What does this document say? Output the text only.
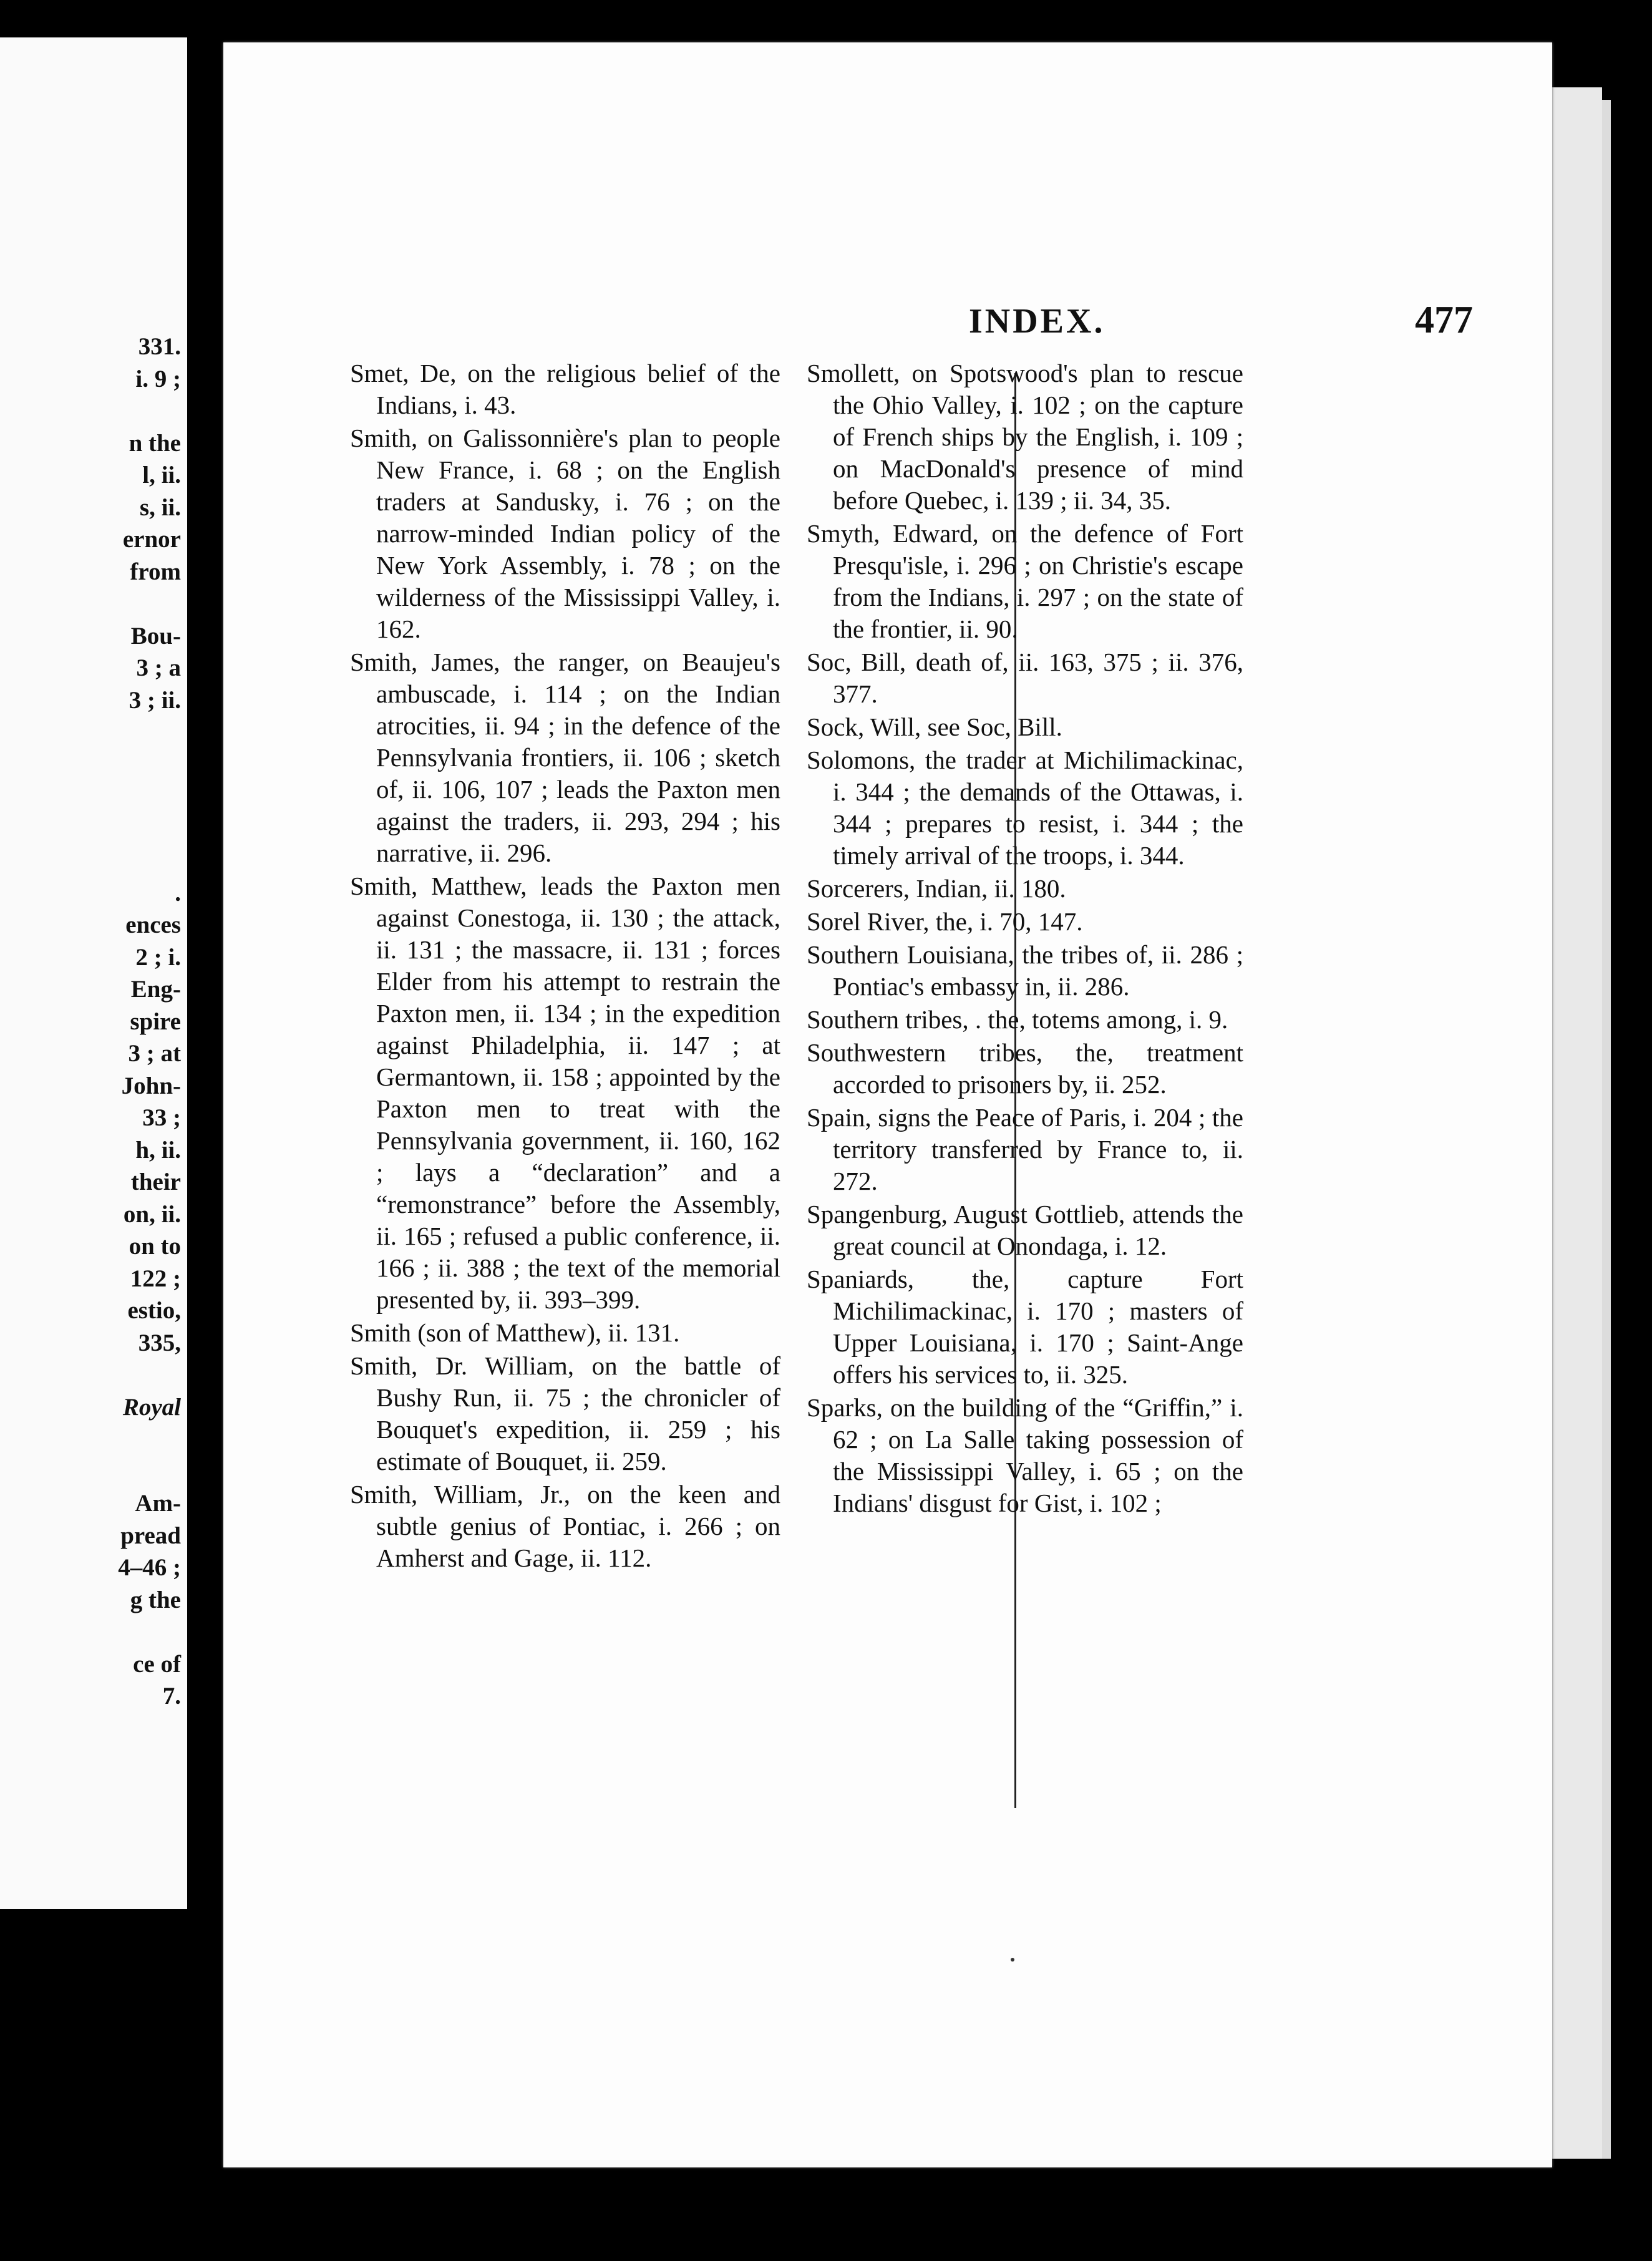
331.
i. 9 ;
n the
l, ii.
s, ii.
ernor
from
Bou-
3 ; a
3 ; ii.
.
ences
2 ; i.
Eng-
spire
3 ; at
John-
33 ;
h, ii.
their
on, ii.
on to
122 ;
estio,
335,
Royal
Am-
pread
4–46 ;
g the
ce of
7.
INDEX.	477

Smet, De, on the religious belief of the Indians, i. 43.

Smith, on Galissonnière's plan to people New France, i. 68 ; on the English traders at Sandusky, i. 76 ; on the narrow-minded Indian policy of the New York Assembly, i. 78 ; on the wilderness of the Mississippi Valley, i. 162.

Smith, James, the ranger, on Beaujeu's ambuscade, i. 114 ; on the Indian atrocities, ii. 94 ; in the defence of the Pennsylvania frontiers, ii. 106 ; sketch of, ii. 106, 107 ; leads the Paxton men against the traders, ii. 293, 294 ; his narrative, ii. 296.

Smith, Matthew, leads the Paxton men against Conestoga, ii. 130 ; the attack, ii. 131 ; the massacre, ii. 131 ; forces Elder from his attempt to restrain the Paxton men, ii. 134 ; in the expedition against Philadelphia, ii. 147 ; at Germantown, ii. 158 ; appointed by the Paxton men to treat with the Pennsylvania government, ii. 160, 162 ; lays a “declaration” and a “remonstrance” before the Assembly, ii. 165 ; refused a public conference, ii. 166 ; ii. 388 ; the text of the memorial presented by, ii. 393–399.

Smith (son of Matthew), ii. 131.

Smith, Dr. William, on the battle of Bushy Run, ii. 75 ; the chronicler of Bouquet's expedition, ii. 259 ; his estimate of Bouquet, ii. 259.

Smith, William, Jr., on the keen and subtle genius of Pontiac, i. 266 ; on Amherst and Gage, ii. 112.

Smollett, on Spotswood's plan to rescue the Ohio Valley, i. 102 ; on the capture of French ships by the English, i. 109 ; on MacDonald's presence of mind before Quebec, i. 139 ; ii. 34, 35.

Smyth, Edward, on the defence of Fort Presqu'isle, i. 296 ; on Christie's escape from the Indians, i. 297 ; on the state of the frontier, ii. 90.

Soc, Bill, death of, ii. 163, 375 ; ii. 376, 377.

Sock, Will, see Soc, Bill.

Solomons, the trader at Michilimackinac, i. 344 ; the demands of the Ottawas, i. 344 ; prepares to resist, i. 344 ; the timely arrival of the troops, i. 344.

Sorcerers, Indian, ii. 180.

Sorel River, the, i. 70, 147.

Southern Louisiana, the tribes of, ii. 286 ; Pontiac's embassy in, ii. 286.

Southern tribes, . the, totems among, i. 9.

Southwestern tribes, the, treatment accorded to prisoners by, ii. 252.

Spain, signs the Peace of Paris, i. 204 ; the territory transferred by France to, ii. 272.

Spangenburg, August Gottlieb, attends the great council at Onondaga, i. 12.

Spaniards, the, capture Fort Michilimackinac, i. 170 ; masters of Upper Louisiana, i. 170 ; Saint-Ange offers his services to, ii. 325.

Sparks, on the building of the “Griffin,” i. 62 ; on La Salle taking possession of the Mississippi Valley, i. 65 ; on the Indians' disgust for Gist, i. 102 ;
